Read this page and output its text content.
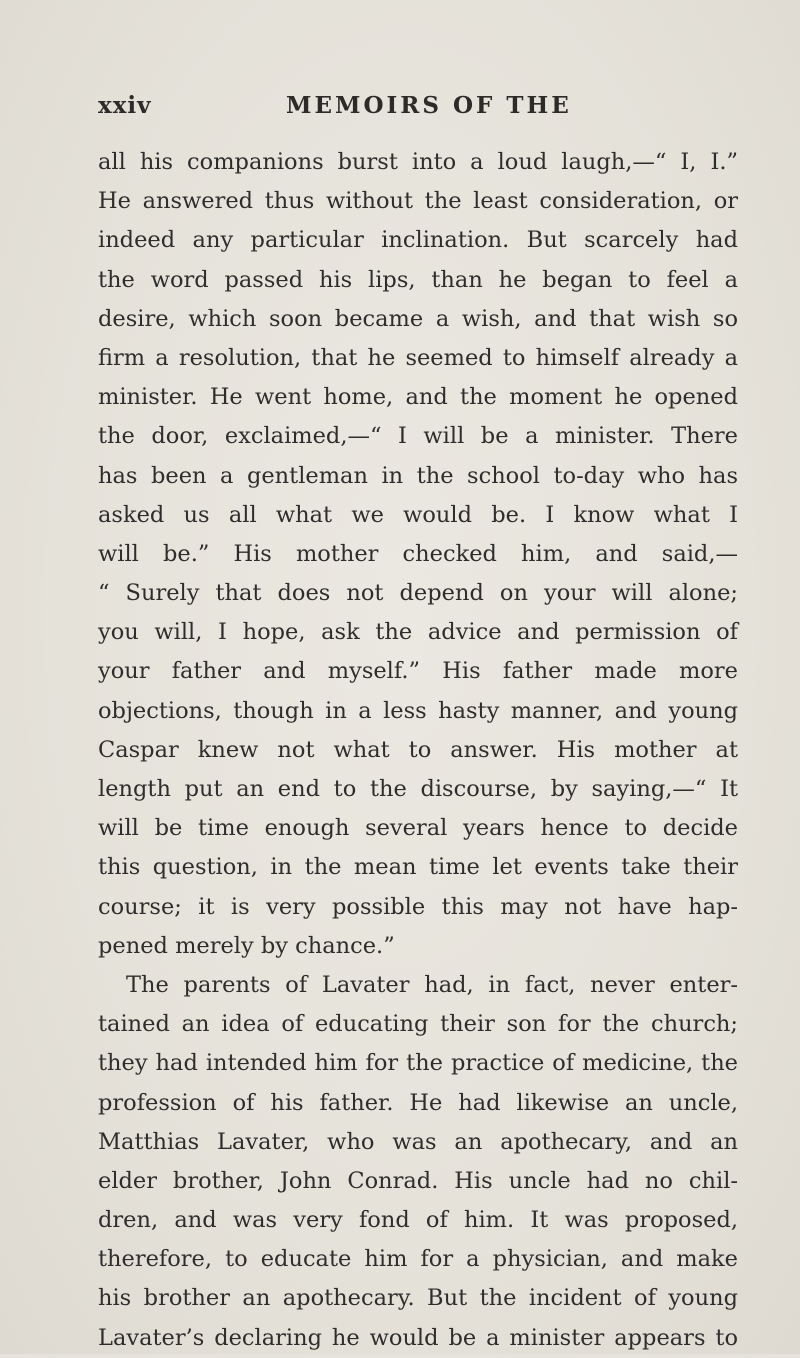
xxiv	MEMOIRS OF THE
all his companions burst into a loud laugh,—“ I, I.”
He answered thus without the least consideration, or
indeed any particular inclination. But scarcely had
the word passed his lips, than he began to feel a
desire, which soon became a wish, and that wish so
firm a resolution, that he seemed to himself already a
minister. He went home, and the moment he opened
the door, exclaimed,—“ I will be a minister. There
has been a gentleman in the school to-day who has
asked us all what we would be. I know what I
will be.” His mother checked him, and said,—
“ Surely that does not depend on your will alone;
you will, I hope, ask the advice and permission of
your father and myself.” His father made more
objections, though in a less hasty manner, and young
Caspar knew not what to answer. His mother at
length put an end to the discourse, by saying,—“ It
will be time enough several years hence to decide
this question, in the mean time let events take their
course; it is very possible this may not have hap-
pened merely by chance.”
The parents of Lavater had, in fact, never enter-
tained an idea of educating their son for the church;
they had intended him for the practice of medicine, the
profession of his father. He had likewise an uncle,
Matthias Lavater, who was an apothecary, and an
elder brother, John Conrad. His uncle had no chil-
dren, and was very fond of him. It was proposed,
therefore, to educate him for a physician, and make
his brother an apothecary. But the incident of young
Lavater’s declaring he would be a minister appears to
